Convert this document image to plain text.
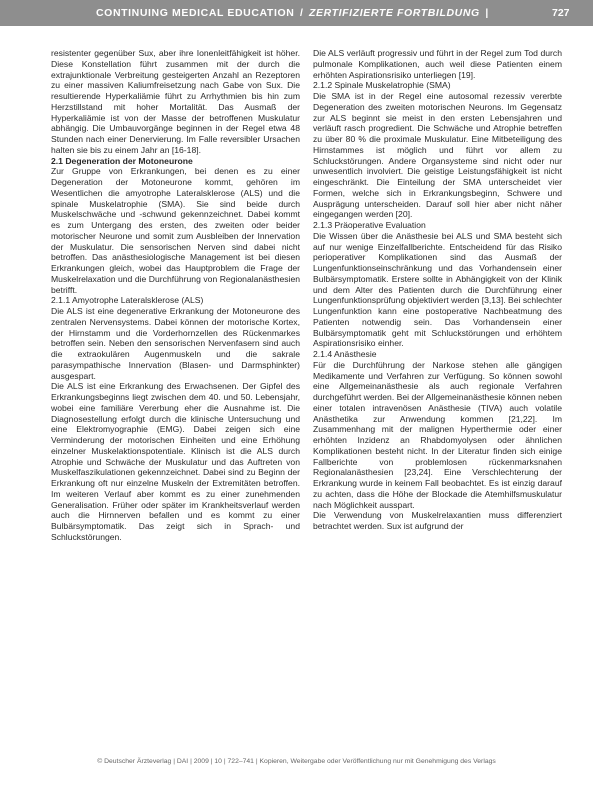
CONTINUING MEDICAL EDUCATION / ZERTIFIZIERTE FORTBILDUNG |	727

resistenter gegenüber Sux, aber ihre Ionenleitfähigkeit ist höher. Diese Konstellation führt zusammen mit der durch die extrajunktionale Verbreitung gesteigerten Anzahl an Rezeptoren zu einer massiven Kaliumfreisetzung nach Gabe von Sux. Die resultierende Hyperkaliämie führt zu Arrhythmien bis hin zum Herzstillstand mit hoher Mortalität. Das Ausmaß der Hyperkaliämie ist von der Masse der betroffenen Muskulatur abhängig. Die Umbauvorgänge beginnen in der Regel etwa 48 Stunden nach einer Denervierung. Im Falle reversibler Ursachen halten sie bis zu einem Jahr an [16-18].

2.1 Degeneration der Motoneurone

Zur Gruppe von Erkrankungen, bei denen es zu einer Degeneration der Motoneurone kommt, gehören im Wesentlichen die amyotrophe Lateralsklerose (ALS) und die spinale Muskelatrophie (SMA). Sie sind beide durch Muskelschwäche und -schwund gekennzeichnet. Dabei kommt es zum Untergang des ersten, des zweiten oder beider motorischer Neurone und somit zum Ausbleiben der Innervation der Muskulatur. Die sensorischen Nerven sind dabei nicht betroffen. Das anästhesiologische Management ist bei diesen Erkrankungen gleich, wobei das Hauptproblem die Frage der Muskelrelaxation und die Durchführung von Regionalanästhesien betrifft.

2.1.1 Amyotrophe Lateralsklerose (ALS)

Die ALS ist eine degenerative Erkrankung der Motoneurone des zentralen Nervensystems. Dabei können der motorische Kortex, der Hirnstamm und die Vorderhornzellen des Rückenmarkes betroffen sein. Neben den sensorischen Nervenfasern sind auch die extraokulären Augenmuskeln und die sakrale parasympathische Innervation (Blasen- und Darmsphinkter) ausgespart.

Die ALS ist eine Erkrankung des Erwachsenen. Der Gipfel des Erkrankungsbeginns liegt zwischen dem 40. und 50. Lebensjahr, wobei eine familiäre Vererbung eher die Ausnahme ist. Die Diagnosestellung erfolgt durch die klinische Untersuchung und eine Elektromyographie (EMG). Dabei zeigen sich eine Verminderung der motorischen Einheiten und eine Erhöhung einzelner Muskelaktionspotentiale. Klinisch ist die ALS durch Atrophie und Schwäche der Muskulatur und das Auftreten von Muskelfaszikulationen gekennzeichnet. Dabei sind zu Beginn der Erkrankung oft nur einzelne Muskeln der Extremitäten betroffen. Im weiteren Verlauf aber kommt es zu einer zunehmenden Generalisation. Früher oder später im Krankheitsverlauf werden auch die Hirnnerven befallen und es kommt zu einer Bulbärsymptomatik. Das zeigt sich in Sprach- und Schluckstörungen.

Die ALS verläuft progressiv und führt in der Regel zum Tod durch pulmonale Komplikationen, auch weil diese Patienten einem erhöhten Aspirationsrisiko unterliegen [19].

2.1.2 Spinale Muskelatrophie (SMA)

Die SMA ist in der Regel eine autosomal rezessiv vererbte Degeneration des zweiten motorischen Neurons. Im Gegensatz zur ALS beginnt sie meist in den ersten Lebensjahren und verläuft rasch progredient. Die Schwäche und Atrophie betreffen zu über 80 % die proximale Muskulatur. Eine Mitbeteiligung des Hirnstammes ist möglich und führt vor allem zu Schluckstörungen. Andere Organsysteme sind nicht oder nur unwesentlich involviert. Die geistige Leistungsfähigkeit ist nicht eingeschränkt. Die Einteilung der SMA unterscheidet vier Formen, welche sich in Erkrankungsbeginn, Schwere und Ausprägung unterscheiden. Darauf soll hier aber nicht näher eingegangen werden [20].

2.1.3 Präoperative Evaluation

Die Wissen über die Anästhesie bei ALS und SMA besteht sich auf nur wenige Einzelfallberichte. Entscheidend für das Risiko perioperativer Komplikationen sind das Ausmaß der Lungenfunktionseinschränkung und das Vorhandensein einer Bulbärsymptomatik. Erstere sollte in Abhängigkeit von der Klinik und dem Alter des Patienten durch die Durchführung einer Lungenfunktionsprüfung objektiviert werden [3,13]. Bei schlechter Lungenfunktion kann eine postoperative Nachbeatmung des Patienten notwendig sein. Das Vorhandensein einer Bulbärsymptomatik geht mit Schluckstörungen und erhöhtem Aspirationsrisiko einher.

2.1.4 Anästhesie

Für die Durchführung der Narkose stehen alle gängigen Medikamente und Verfahren zur Verfügung. So können sowohl eine Allgemeinanästhesie als auch regionale Verfahren durchgeführt werden. Bei der Allgemeinanästhesie können neben einer totalen intravenösen Anästhesie (TIVA) auch volatile Anästhetika zur Anwendung kommen [21,22]. Im Zusammenhang mit der malignen Hyperthermie oder einer erhöhten Inzidenz an Rhabdomyolysen oder ähnlichen Komplikationen besteht nicht. In der Literatur finden sich einige Fallberichte von problemlosen rückenmarksnahen Regionalanästhesien [23,24]. Eine Verschlechterung der Erkrankung wurde in keinem Fall beobachtet. Es ist einzig darauf zu achten, dass die Höhe der Blockade die Atemhilfsmuskulatur nach Möglichkeit ausspart.

Die Verwendung von Muskelrelaxantien muss differenziert betrachtet werden. Sux ist aufgrund der

© Deutscher Ärzteverlag | DAI | 2009 | 10 | 722–741 | Kopieren, Weitergabe oder Veröffentlichung nur mit Genehmigung des Verlags
